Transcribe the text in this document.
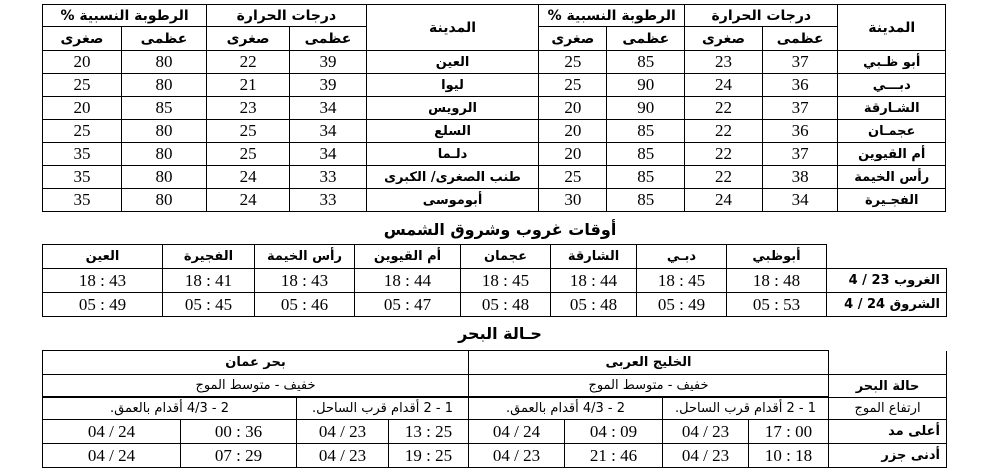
المدينة	درجات الحرارة		الرطوبة النسبية %		المدينة	درجات الحرارة		الرطوبة النسبية %	
	عظمى	صغرى	عظمى	صغرى		عظمى	صغرى	عظمى	صغرى
أبو ظـبي	37	23	85	25	العين	39	22	80	20
دبـــي	36	24	90	25	ليوا	39	21	80	25
الشـارقة	37	22	90	20	الرويس	34	23	85	20
عجمـان	36	22	85	20	السلع	34	25	80	25
أم القيوين	37	22	85	20	دلـما	34	25	80	35
رأس الخيمة	38	22	85	25	طنب الصغرى/ الكبرى	33	24	80	35
الفجـيرة	34	24	85	30	أبوموسى	33	24	80	35
أوقات غروب وشروق الشمس
	أبوظبي	دبـي	الشارقة	عجمان	أم القيوين	رأس الخيمة	الفجيرة	العين
الغروب 23 / 4	18 : 48	18 : 45	18 : 44	18 : 45	18 : 44	18 : 43	18 : 41	18 : 43
الشروق 24 / 4	05 : 53	05 : 49	05 : 48	05 : 48	05 : 47	05 : 46	05 : 45	05 : 49
حـالة البحر
	الخليج العربى				بحر عمان			
حالة البحر	خفيف - متوسط الموج				خفيف - متوسط الموج			

ارتفاع الموج	1 - 2 أقدام قرب الساحل.		2 - 4/3 أقدام بالعمق.		1 - 2 أقدام قرب الساحل.		2 - 4/3 أقدام بالعمق.	
أعلى مد	17 : 00	04 / 23	04 : 09	04 / 24	13 : 25	04 / 23	00 : 36	04 / 24
أدنى جزر	10 : 18	04 / 23	21 : 46	04 / 23	19 : 25	04 / 23	07 : 29	04 / 24
